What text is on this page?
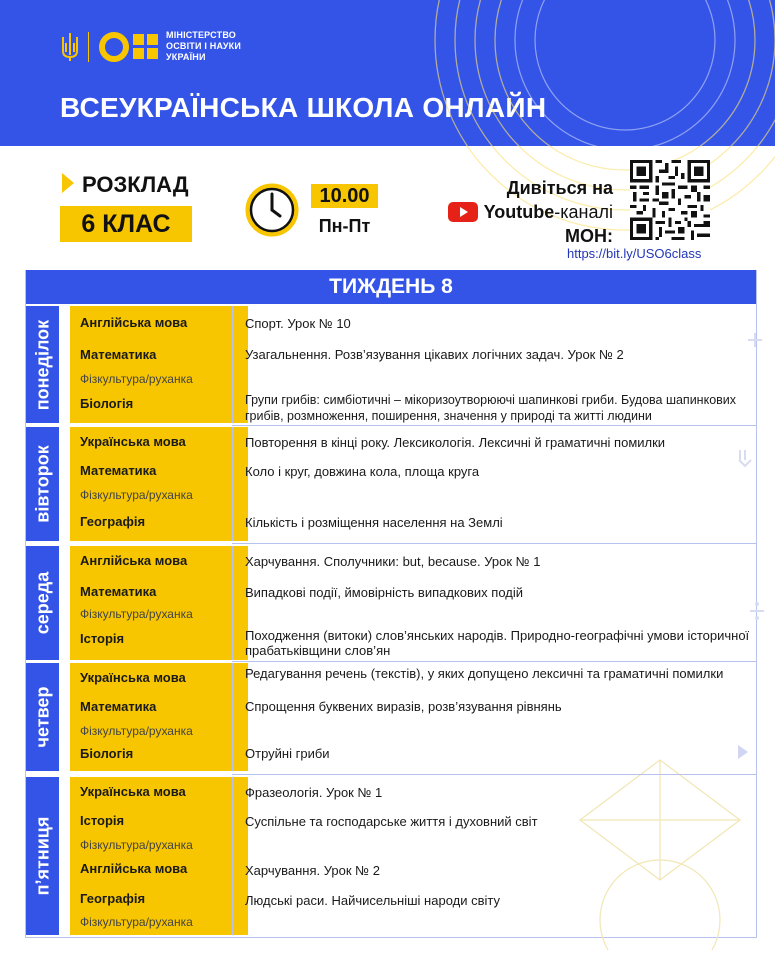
МІНІСТЕРСТВО
ОСВІТИ І НАУКИ
УКРАЇНИ
ВСЕУКРАЇНСЬКА ШКОЛА ОНЛАЙН
РОЗКЛАД
6 КЛАС
10.00
Пн-Пт
Дивіться на
Youtube -каналі
МОН:
https://bit.ly/USO6class
ТИЖДЕНЬ 8
понеділок Англійська мова
Математика
Фізкультура/руханка
Біологія
Спорт. Урок № 10
Узагальнення. Розв’язування цікавих логічних задач. Урок № 2
Групи грибів: симбіотичні – мікоризоутворюючі шапинкові гриби. Будова шапинкових грибів, розмноження, поширення, значення у природі та житті людини
вівторок
Українська мова
Математика
Фізкультура/руханка
Географія
Повторення в кінці року. Лексикологія. Лексичні й граматичні помилки
Коло і круг, довжина кола, площа круга
Кількість і розміщення населення на Землі
середа
Англійська мова
Математика
Фізкультура/руханка
Історія
Харчування. Сполучники: but, because. Урок № 1
Випадкові події, ймовірність випадкових подій
Походження (витоки) слов’янських народів. Природно-географічні умови історичної прабатьківщини слов’ян
четвер
Українська мова
Математика
Фізкультура/руханка
Біологія
Редагування речень (текстів), у яких допущено лексичні та граматичні помилки
Спрощення буквених виразів, розв’язування рівнянь
Отруйні гриби
п’ятниця
Українська мова
Історія
Фізкультура/руханка
Англійська мова
Географія
Фізкультура/руханка
Фразеологія. Урок № 1
Суспільне та господарське життя і духовний світ
Харчування. Урок № 2
Людські раси. Найчисельніші народи світу
